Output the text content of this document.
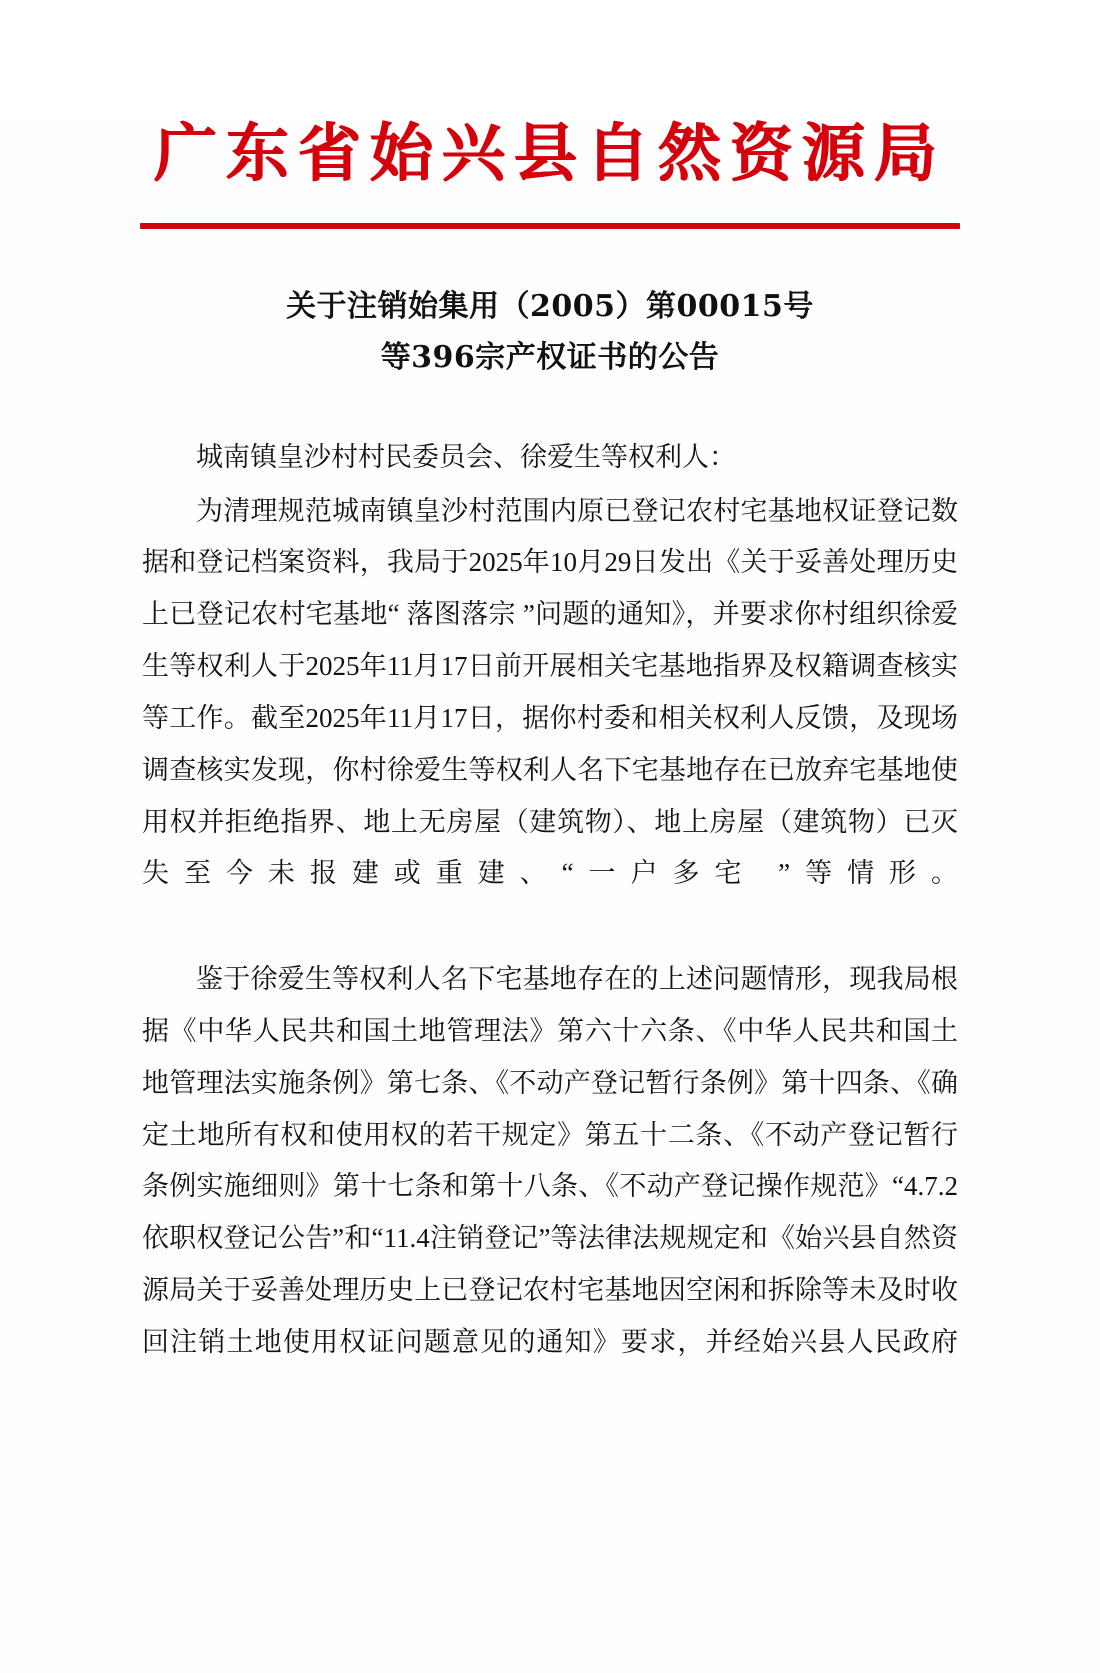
广东省始兴县自然资源局
关于注销始集用（2005）第00015号
等396宗产权证书的公告

城南镇皇沙村村民委员会、徐爱生等权利人：

为清理规范城南镇皇沙村范围内原已登记农村宅基地权证登记数据和登记档案资料，我局于2025年10月29日发出《关于妥善处理历史上已登记农村宅基地“ 落图落宗 ”问题的通知》，并要求你村组织徐爱生等权利人于2025年11月17日前开展相关宅基地指界及权籍调查核实等工作。截至2025年11月17日，据你村委和相关权利人反馈，及现场调查核实发现，你村徐爱生等权利人名下宅基地存在已放弃宅基地使用权并拒绝指界、地上无房屋（建筑物）、地上房屋（建筑物）已灭失至今未报建或重建、“一户多宅 ”等情形。

鉴于徐爱生等权利人名下宅基地存在的上述问题情形，现我局根据《中华人民共和国土地管理法》第六十六条、《中华人民共和国土地管理法实施条例》第七条、《不动产登记暂行条例》第十四条、《确定土地所有权和使用权的若干规定》第五十二条、《不动产登记暂行条例实施细则》第十七条和第十八条、《不动产登记操作规范》“4.7.2依职权登记公告”和“11.4注销登记”等法律法规规定和《始兴县自然资源局关于妥善处理历史上已登记农村宅基地因空闲和拆除等未及时收回注销土地使用权证问题意见的通知》要求，并经始兴县人民政府
